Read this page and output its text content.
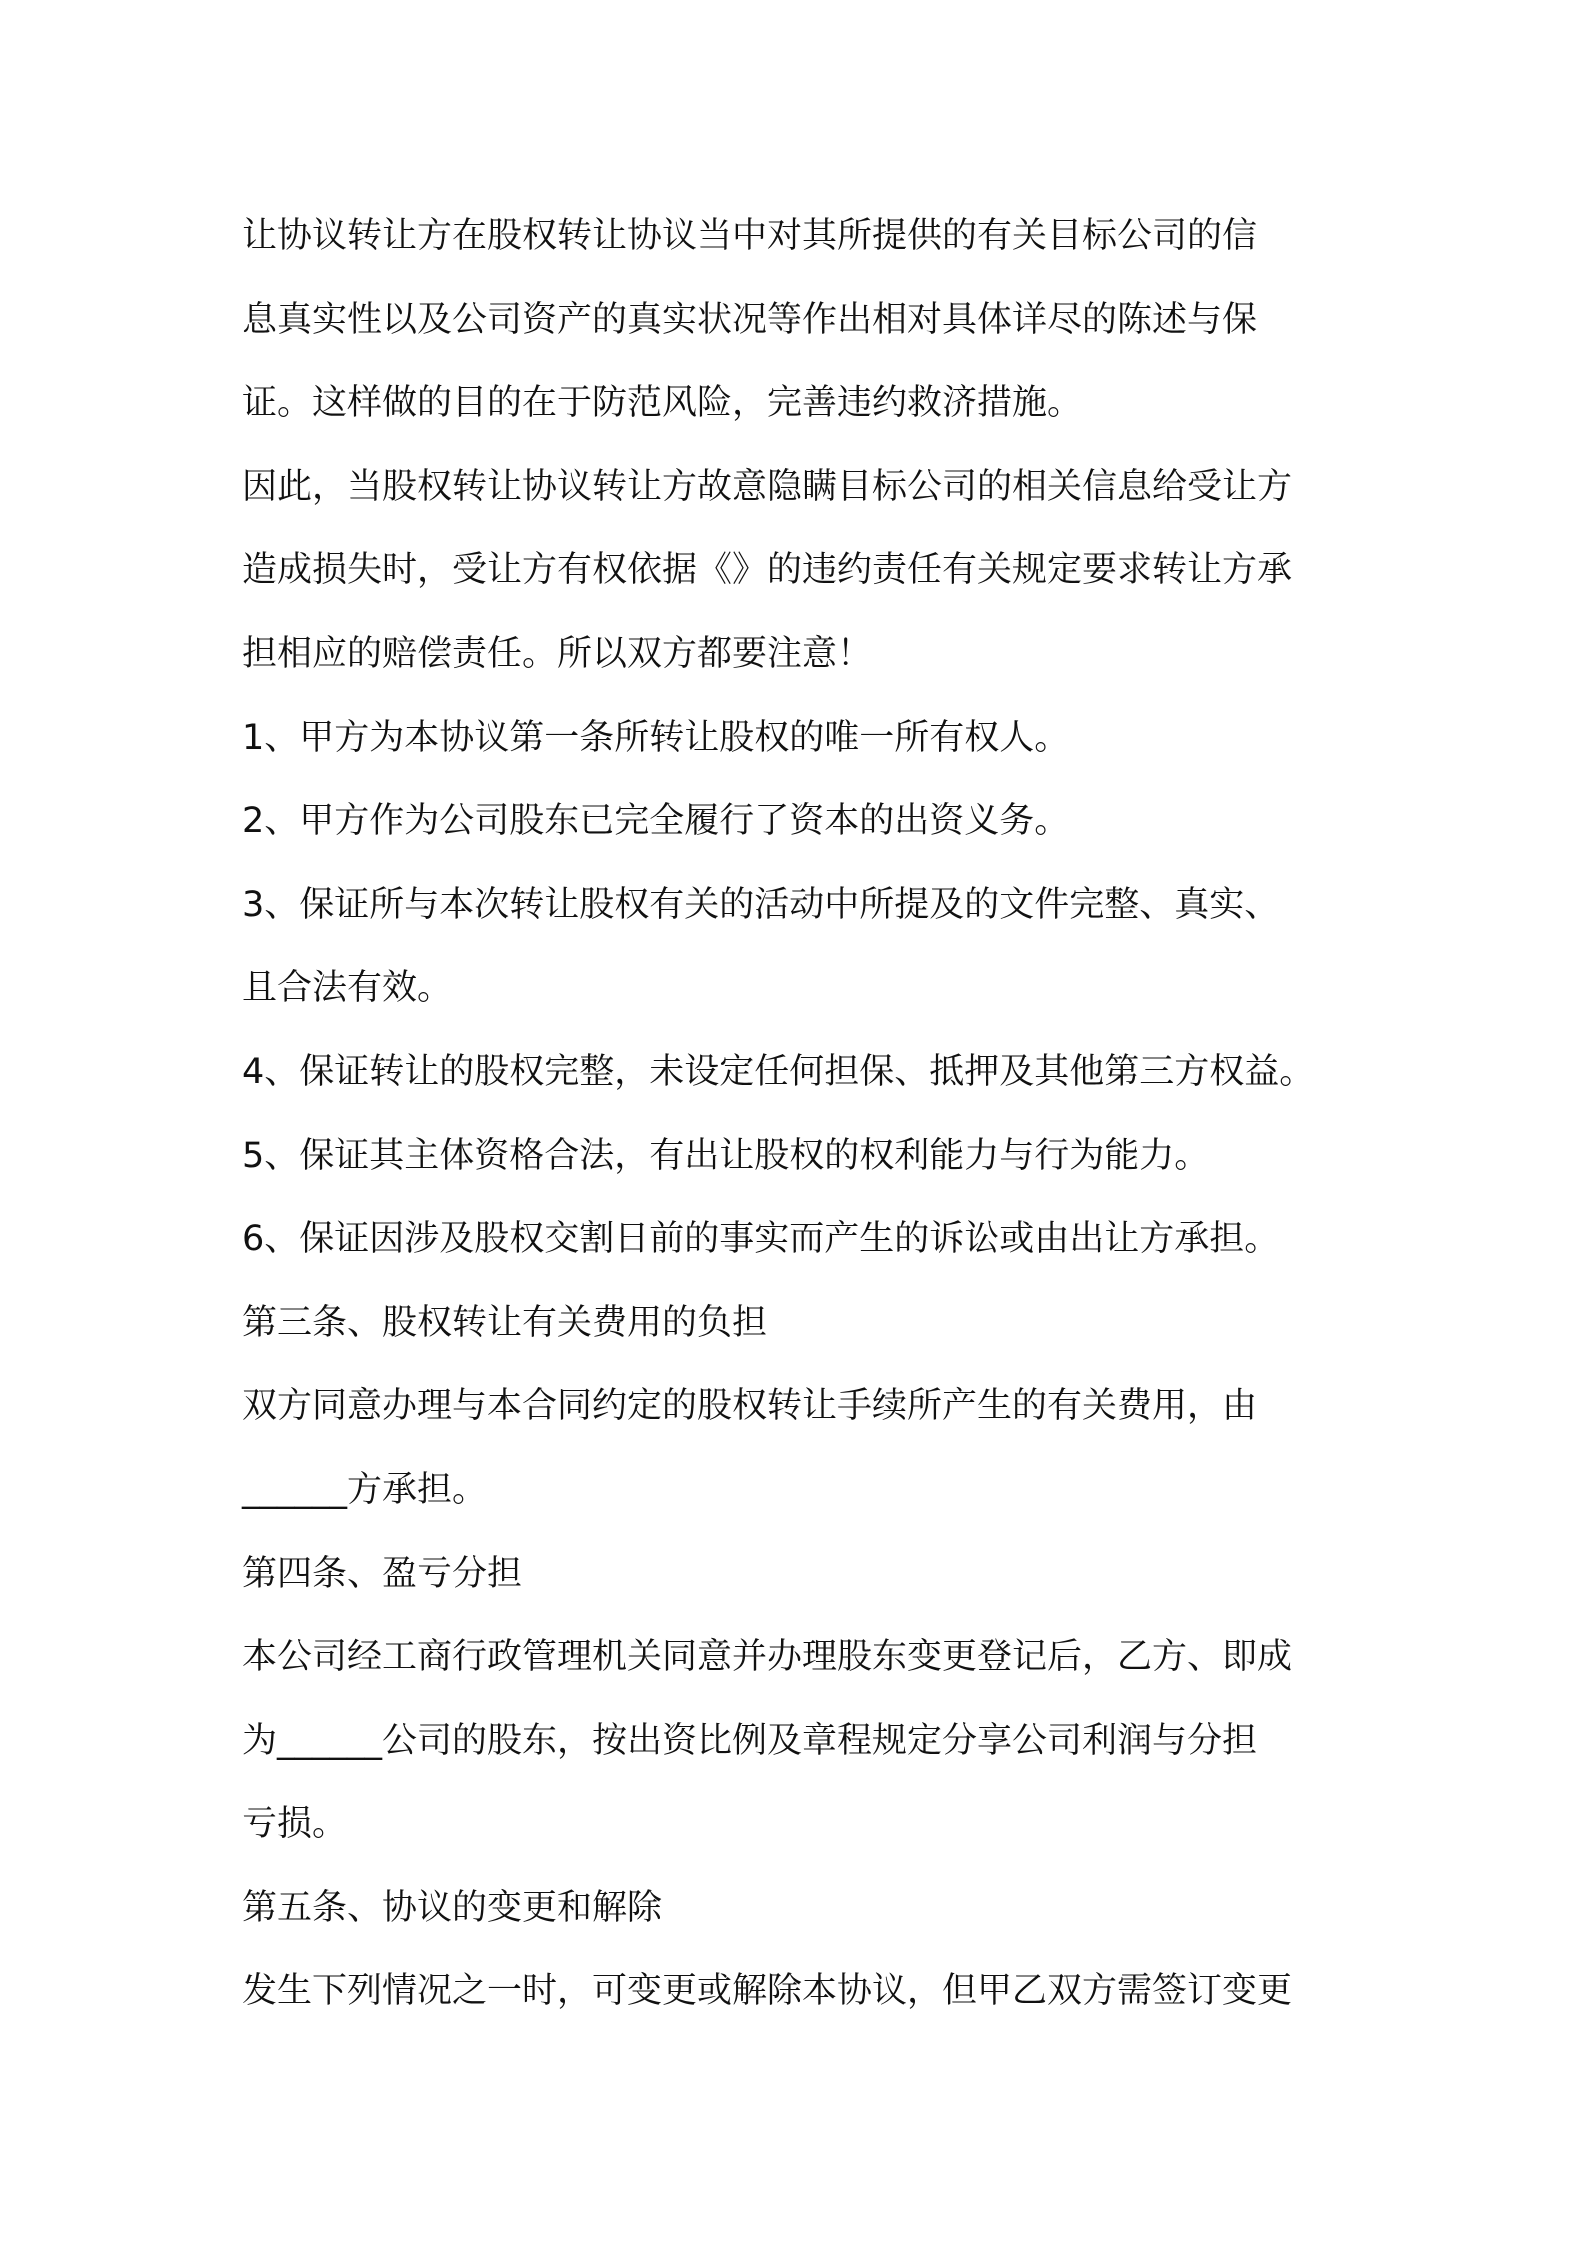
让协议转让方在股权转让协议当中对其所提供的有关目标公司的信
息真实性以及公司资产的真实状况等作出相对具体详尽的陈述与保
证。这样做的目的在于防范风险，完善违约救济措施。
因此，当股权转让协议转让方故意隐瞒目标公司的相关信息给受让方
造成损失时，受让方有权依据《》的违约责任有关规定要求转让方承
担相应的赔偿责任。所以双方都要注意！
1、甲方为本协议第一条所转让股权的唯一所有权人。
2、甲方作为公司股东已完全履行了资本的出资义务。
3、保证所与本次转让股权有关的活动中所提及的文件完整、真实、
且合法有效。
4、保证转让的股权完整，未设定任何担保、抵押及其他第三方权益。
5、保证其主体资格合法，有出让股权的权利能力与行为能力。
6、保证因涉及股权交割日前的事实而产生的诉讼或由出让方承担。
第三条、股权转让有关费用的负担
双方同意办理与本合同约定的股权转让手续所产生的有关费用，由
______方承担。
第四条、盈亏分担
本公司经工商行政管理机关同意并办理股东变更登记后，乙方、即成
为______公司的股东，按出资比例及章程规定分享公司利润与分担
亏损。
第五条、协议的变更和解除
发生下列情况之一时，可变更或解除本协议，但甲乙双方需签订变更
